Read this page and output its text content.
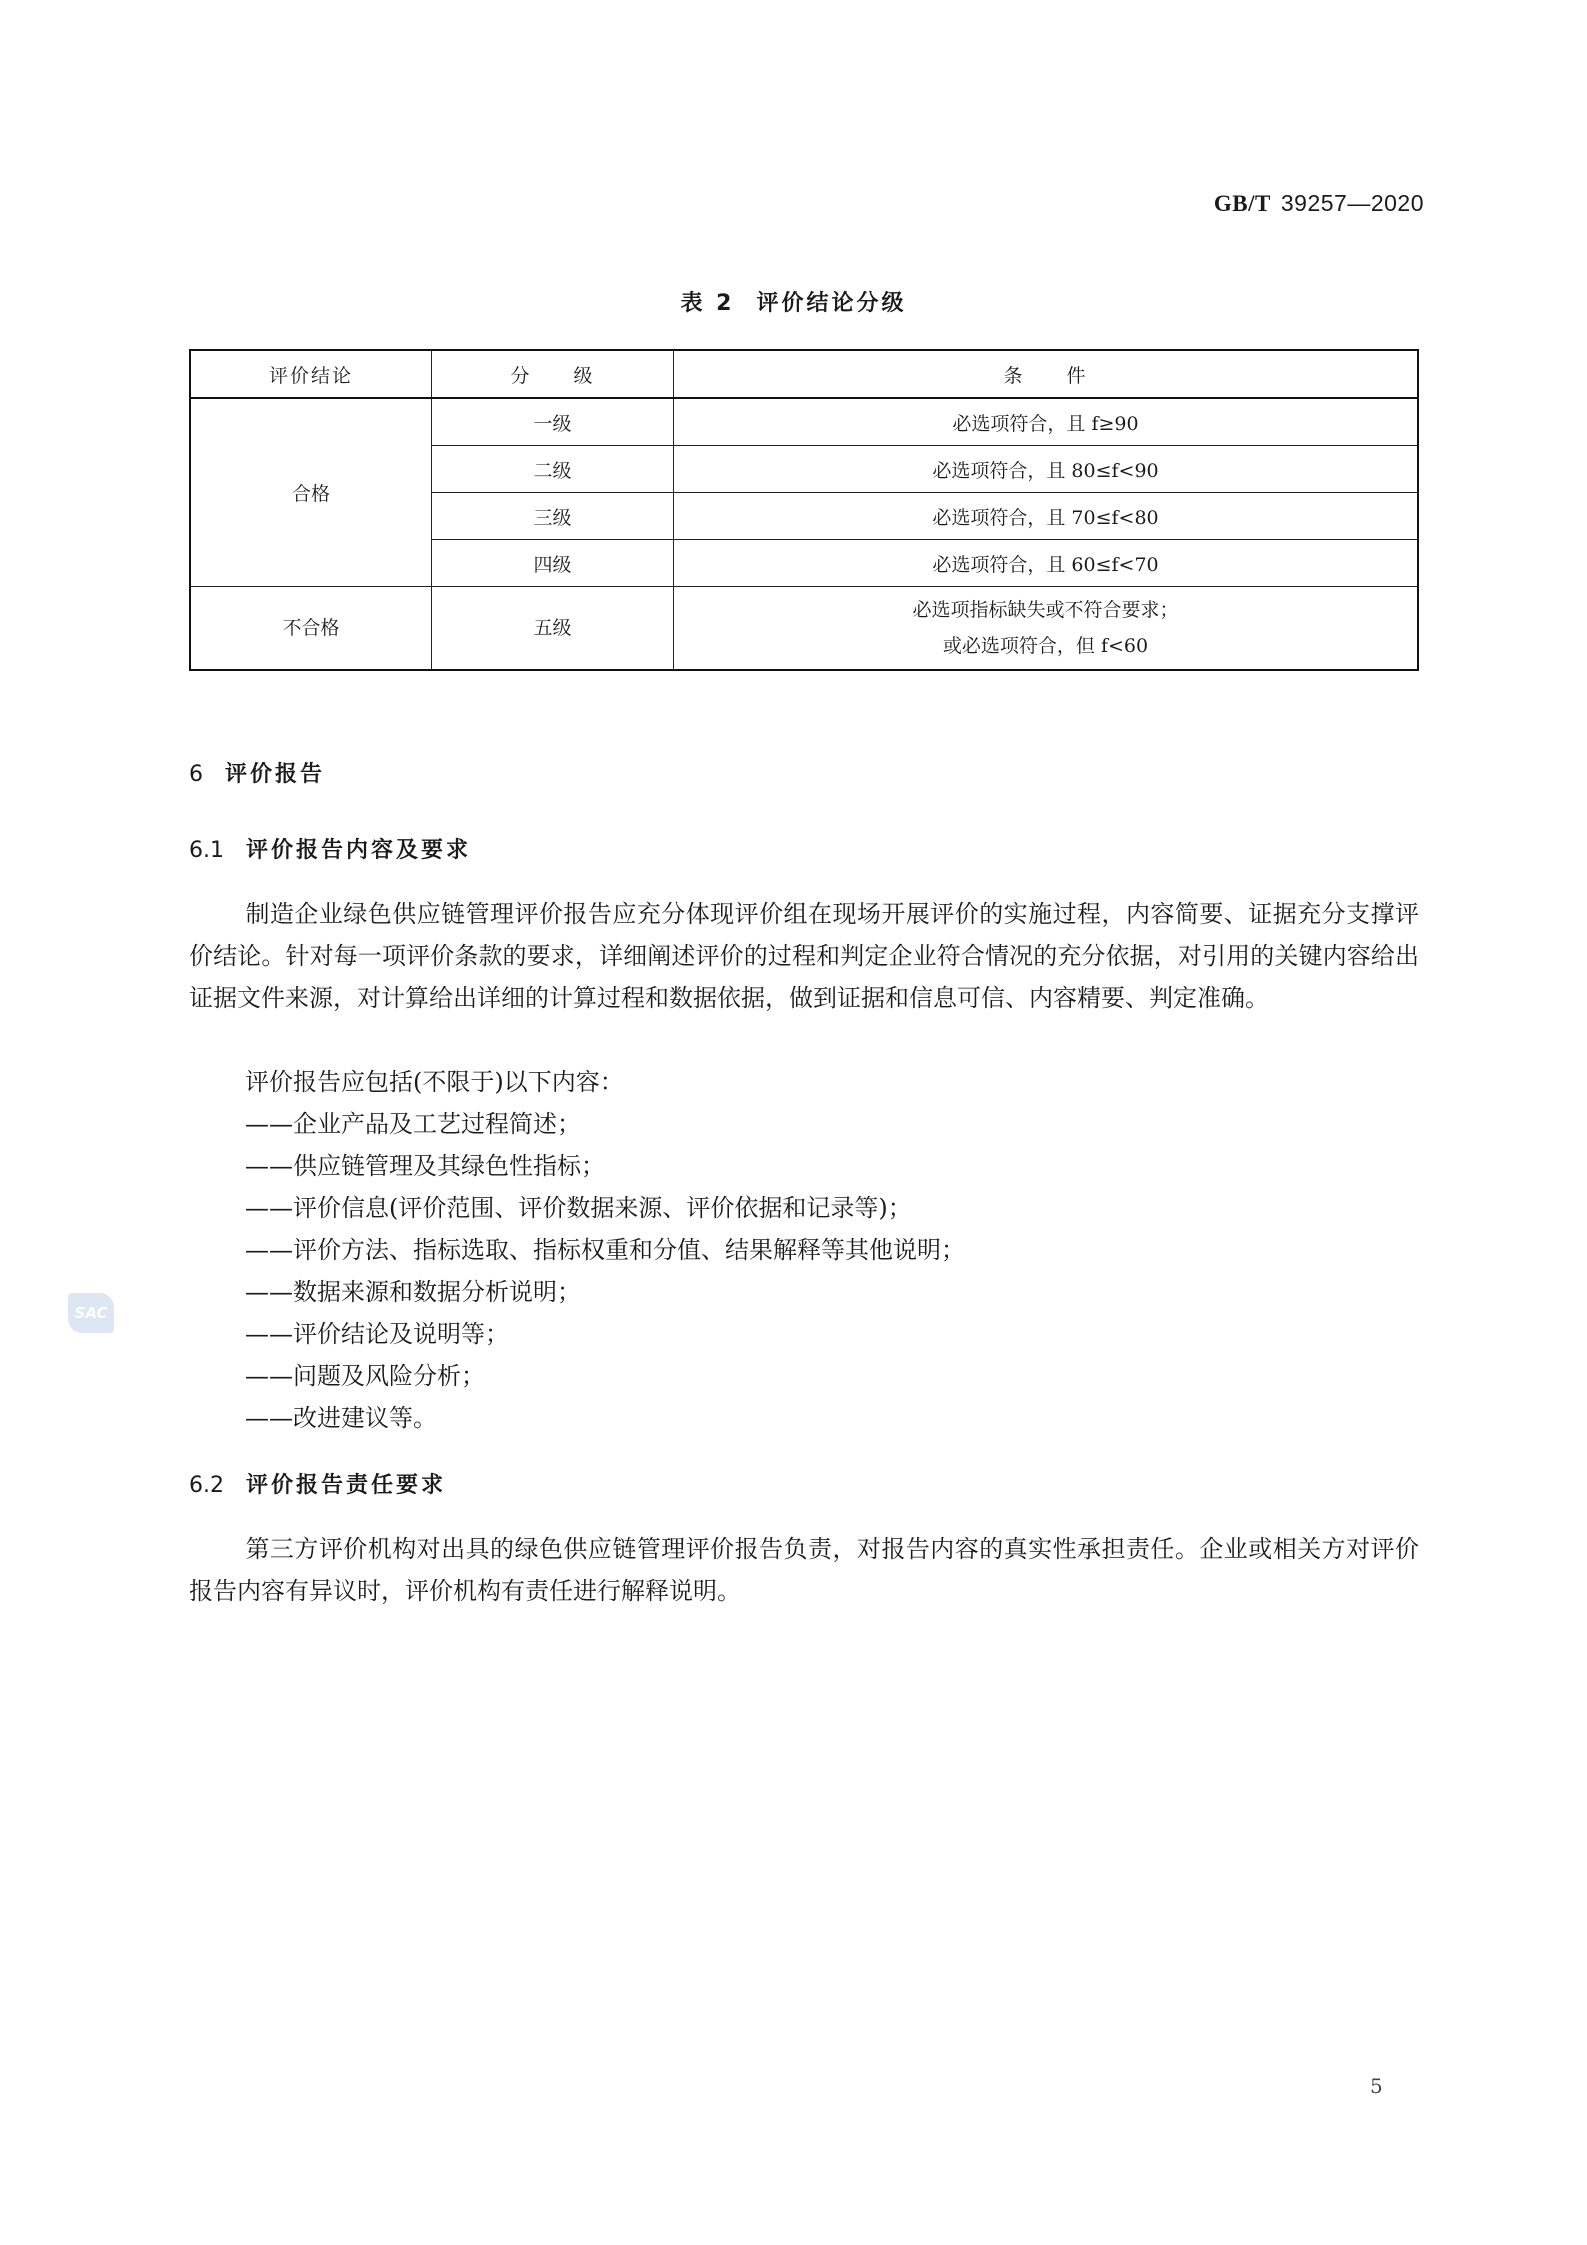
GB/T 39257—2020
表 2 评价结论分级
评价结论	分　　级	条　　件
合格	一级	必选项符合，且 f≥90
	二级	必选项符合，且 80≤f<90
	三级	必选项符合，且 70≤f<80
	四级	必选项符合，且 60≤f<70
不合格	五级	必选项指标缺失或不符合要求；
或必选项符合，但 f<60
6 评价报告
6.1 评价报告内容及要求
制造企业绿色供应链管理评价报告应充分体现评价组在现场开展评价的实施过程，内容简要、证据充分支撑评价结论。针对每一项评价条款的要求，详细阐述评价的过程和判定企业符合情况的充分依据，对引用的关键内容给出证据文件来源，对计算给出详细的计算过程和数据依据，做到证据和信息可信、内容精要、判定准确。
评价报告应包括(不限于)以下内容：
——企业产品及工艺过程简述；
——供应链管理及其绿色性指标；
——评价信息(评价范围、评价数据来源、评价依据和记录等)；
——评价方法、指标选取、指标权重和分值、结果解释等其他说明；
——数据来源和数据分析说明；
——评价结论及说明等；
——问题及风险分析；
——改进建议等。
6.2 评价报告责任要求
第三方评价机构对出具的绿色供应链管理评价报告负责，对报告内容的真实性承担责任。企业或相关方对评价报告内容有异议时，评价机构有责任进行解释说明。
SAC
5
